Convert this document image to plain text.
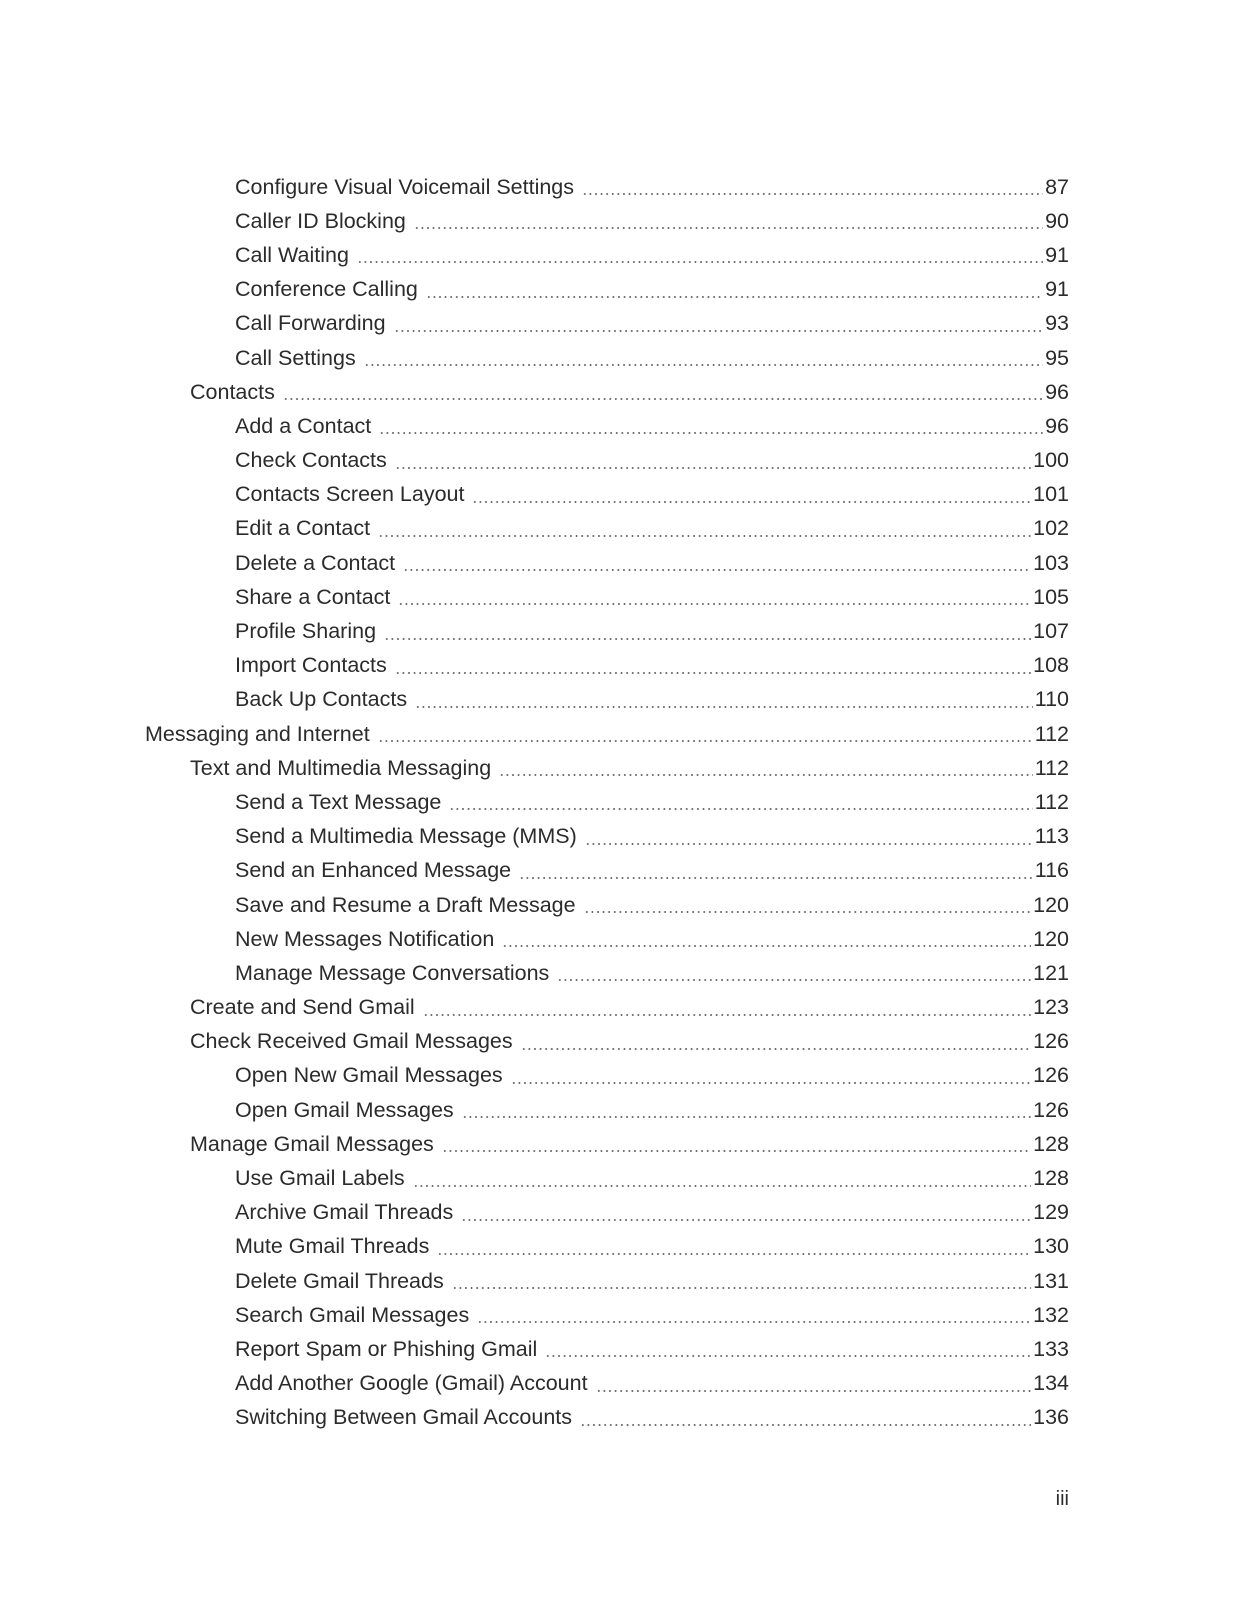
Configure Visual Voicemail Settings	87
Caller ID Blocking	90
Call Waiting	91
Conference Calling	91
Call Forwarding	93
Call Settings	95
Contacts	96
Add a Contact	96
Check Contacts	100
Contacts Screen Layout	101
Edit a Contact	102
Delete a Contact	103
Share a Contact	105
Profile Sharing	107
Import Contacts	108
Back Up Contacts	110
Messaging and Internet	112
Text and Multimedia Messaging	112
Send a Text Message	112
Send a Multimedia Message (MMS)	113
Send an Enhanced Message	116
Save and Resume a Draft Message	120
New Messages Notification	120
Manage Message Conversations	121
Create and Send Gmail	123
Check Received Gmail Messages	126
Open New Gmail Messages	126
Open Gmail Messages	126
Manage Gmail Messages	128
Use Gmail Labels	128
Archive Gmail Threads	129
Mute Gmail Threads	130
Delete Gmail Threads	131
Search Gmail Messages	132
Report Spam or Phishing Gmail	133
Add Another Google (Gmail) Account	134
Switching Between Gmail Accounts	136
iii
